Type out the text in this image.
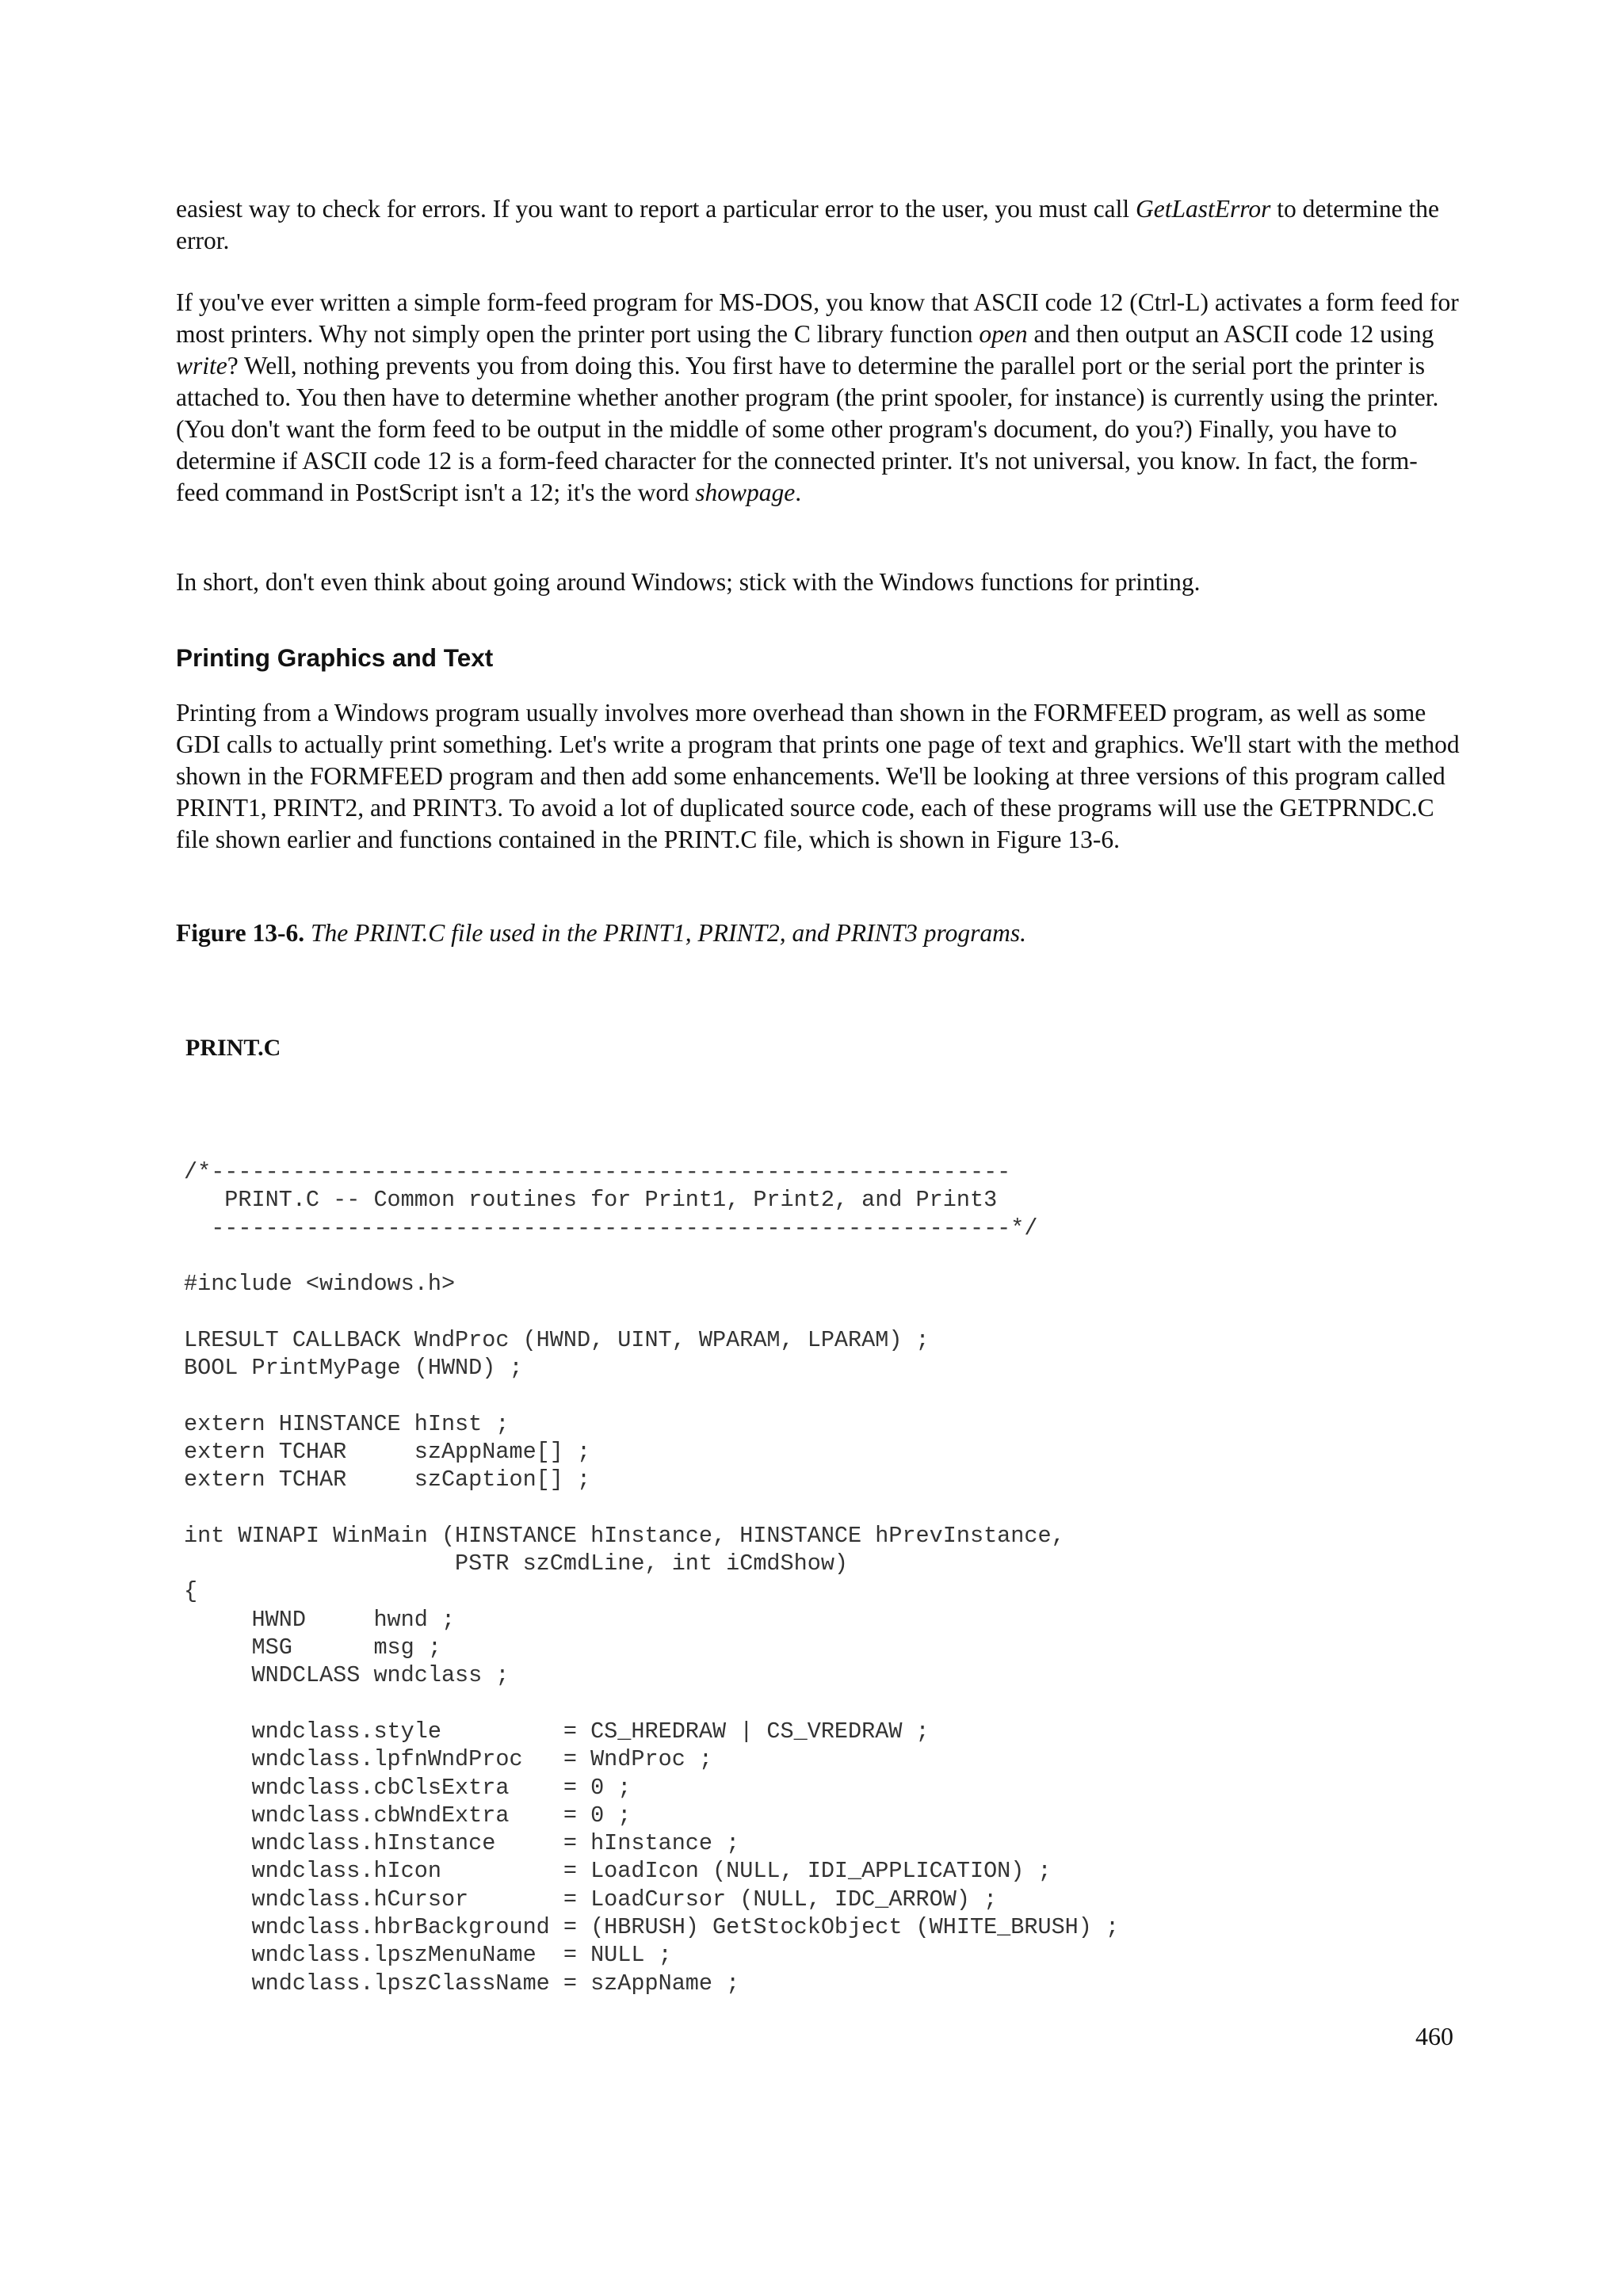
easiest way to check for errors. If you want to report a particular error to the user, you must call GetLastError to determine the error.

If you've ever written a simple form-feed program for MS-DOS, you know that ASCII code 12 (Ctrl-L) activates a form feed for most printers. Why not simply open the printer port using the C library function open and then output an ASCII code 12 using write? Well, nothing prevents you from doing this. You first have to determine the parallel port or the serial port the printer is attached to. You then have to determine whether another program (the print spooler, for instance) is currently using the printer. (You don't want the form feed to be output in the middle of some other program's document, do you?) Finally, you have to determine if ASCII code 12 is a form-feed character for the connected printer. It's not universal, you know. In fact, the form-feed command in PostScript isn't a 12; it's the word showpage.

In short, don't even think about going around Windows; stick with the Windows functions for printing.

Printing Graphics and Text

Printing from a Windows program usually involves more overhead than shown in the FORMFEED program, as well as some GDI calls to actually print something. Let's write a program that prints one page of text and graphics. We'll start with the method shown in the FORMFEED program and then add some enhancements. We'll be looking at three versions of this program called PRINT1, PRINT2, and PRINT3. To avoid a lot of duplicated source code, each of these programs will use the GETPRNDC.C file shown earlier and functions contained in the PRINT.C file, which is shown in Figure 13-6.

Figure 13-6. The PRINT.C file used in the PRINT1, PRINT2, and PRINT3 programs.

PRINT.C

/*-----------------------------------------------------------
PRINT.C -- Common routines for Print1, Print2, and Print3
-----------------------------------------------------------*/

#include <windows.h>

LRESULT CALLBACK WndProc (HWND, UINT, WPARAM, LPARAM) ;
BOOL PrintMyPage (HWND) ;

extern HINSTANCE hInst ;
extern TCHAR     szAppName[] ;
extern TCHAR     szCaption[] ;

int WINAPI WinMain (HINSTANCE hInstance, HINSTANCE hPrevInstance,
PSTR szCmdLine, int iCmdShow)
{
HWND     hwnd ;
MSG      msg ;
WNDCLASS wndclass ;

wndclass.style         = CS_HREDRAW | CS_VREDRAW ;
wndclass.lpfnWndProc   = WndProc ;
wndclass.cbClsExtra    = 0 ;
wndclass.cbWndExtra    = 0 ;
wndclass.hInstance     = hInstance ;
wndclass.hIcon         = LoadIcon (NULL, IDI_APPLICATION) ;
wndclass.hCursor       = LoadCursor (NULL, IDC_ARROW) ;
wndclass.hbrBackground = (HBRUSH) GetStockObject (WHITE_BRUSH) ;
wndclass.lpszMenuName  = NULL ;
wndclass.lpszClassName = szAppName ;

460
